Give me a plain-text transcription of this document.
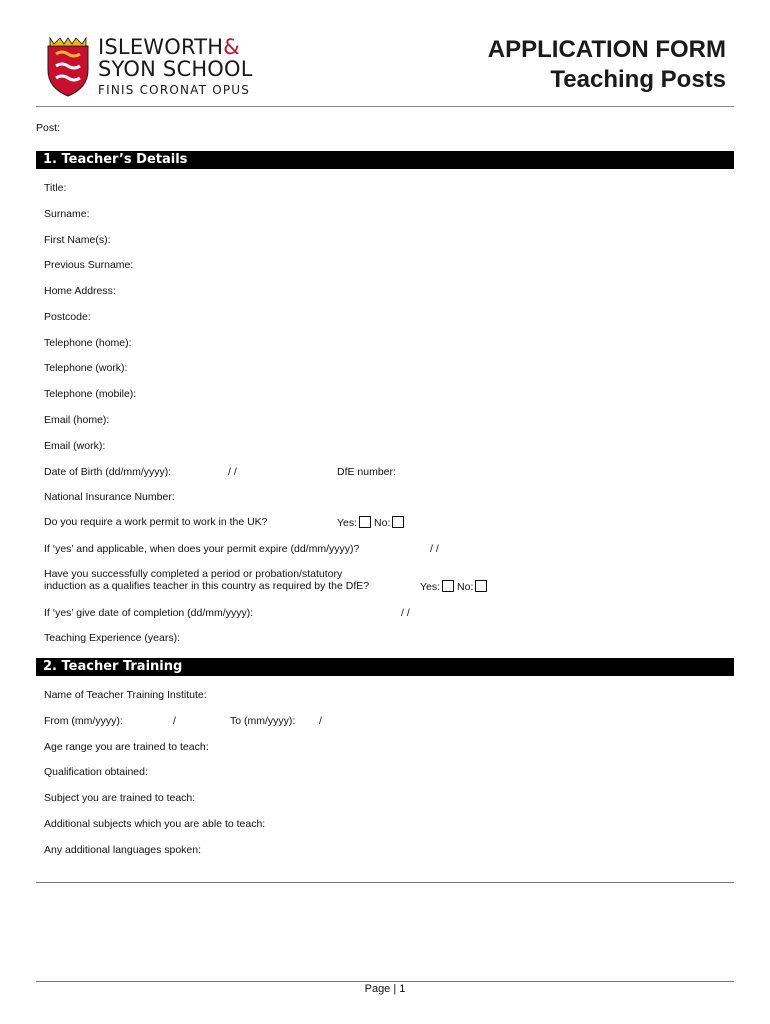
ISLEWORTH&
SYON SCHOOL
FINIS CORONAT OPUS
APPLICATION FORM
Teaching Posts
Post:
1. Teacher’s Details
Title:
Surname:
First Name(s):
Previous Surname:
Home Address:
Postcode:
Telephone (home):
Telephone (work):
Telephone (mobile):
Email (home):
Email (work):
Date of Birth (dd/mm/yyyy):	/ /	DfE number:
National Insurance Number:
Do you require a work permit to work in the UK?	Yes: No:
If ‘yes’ and applicable, when does your permit expire (dd/mm/yyyy)?	/ /
Have you successfully completed a period or probation/statutory
induction as a qualifies teacher in this country as required by the DfE?	Yes: No:
If ‘yes’ give date of completion (dd/mm/yyyy):	/ /
Teaching Experience (years):
2. Teacher Training
Name of Teacher Training Institute:
From (mm/yyyy):	/	To (mm/yyyy): /
Age range you are trained to teach:
Qualification obtained:
Subject you are trained to teach:
Additional subjects which you are able to teach:
Any additional languages spoken:
Page | 1
